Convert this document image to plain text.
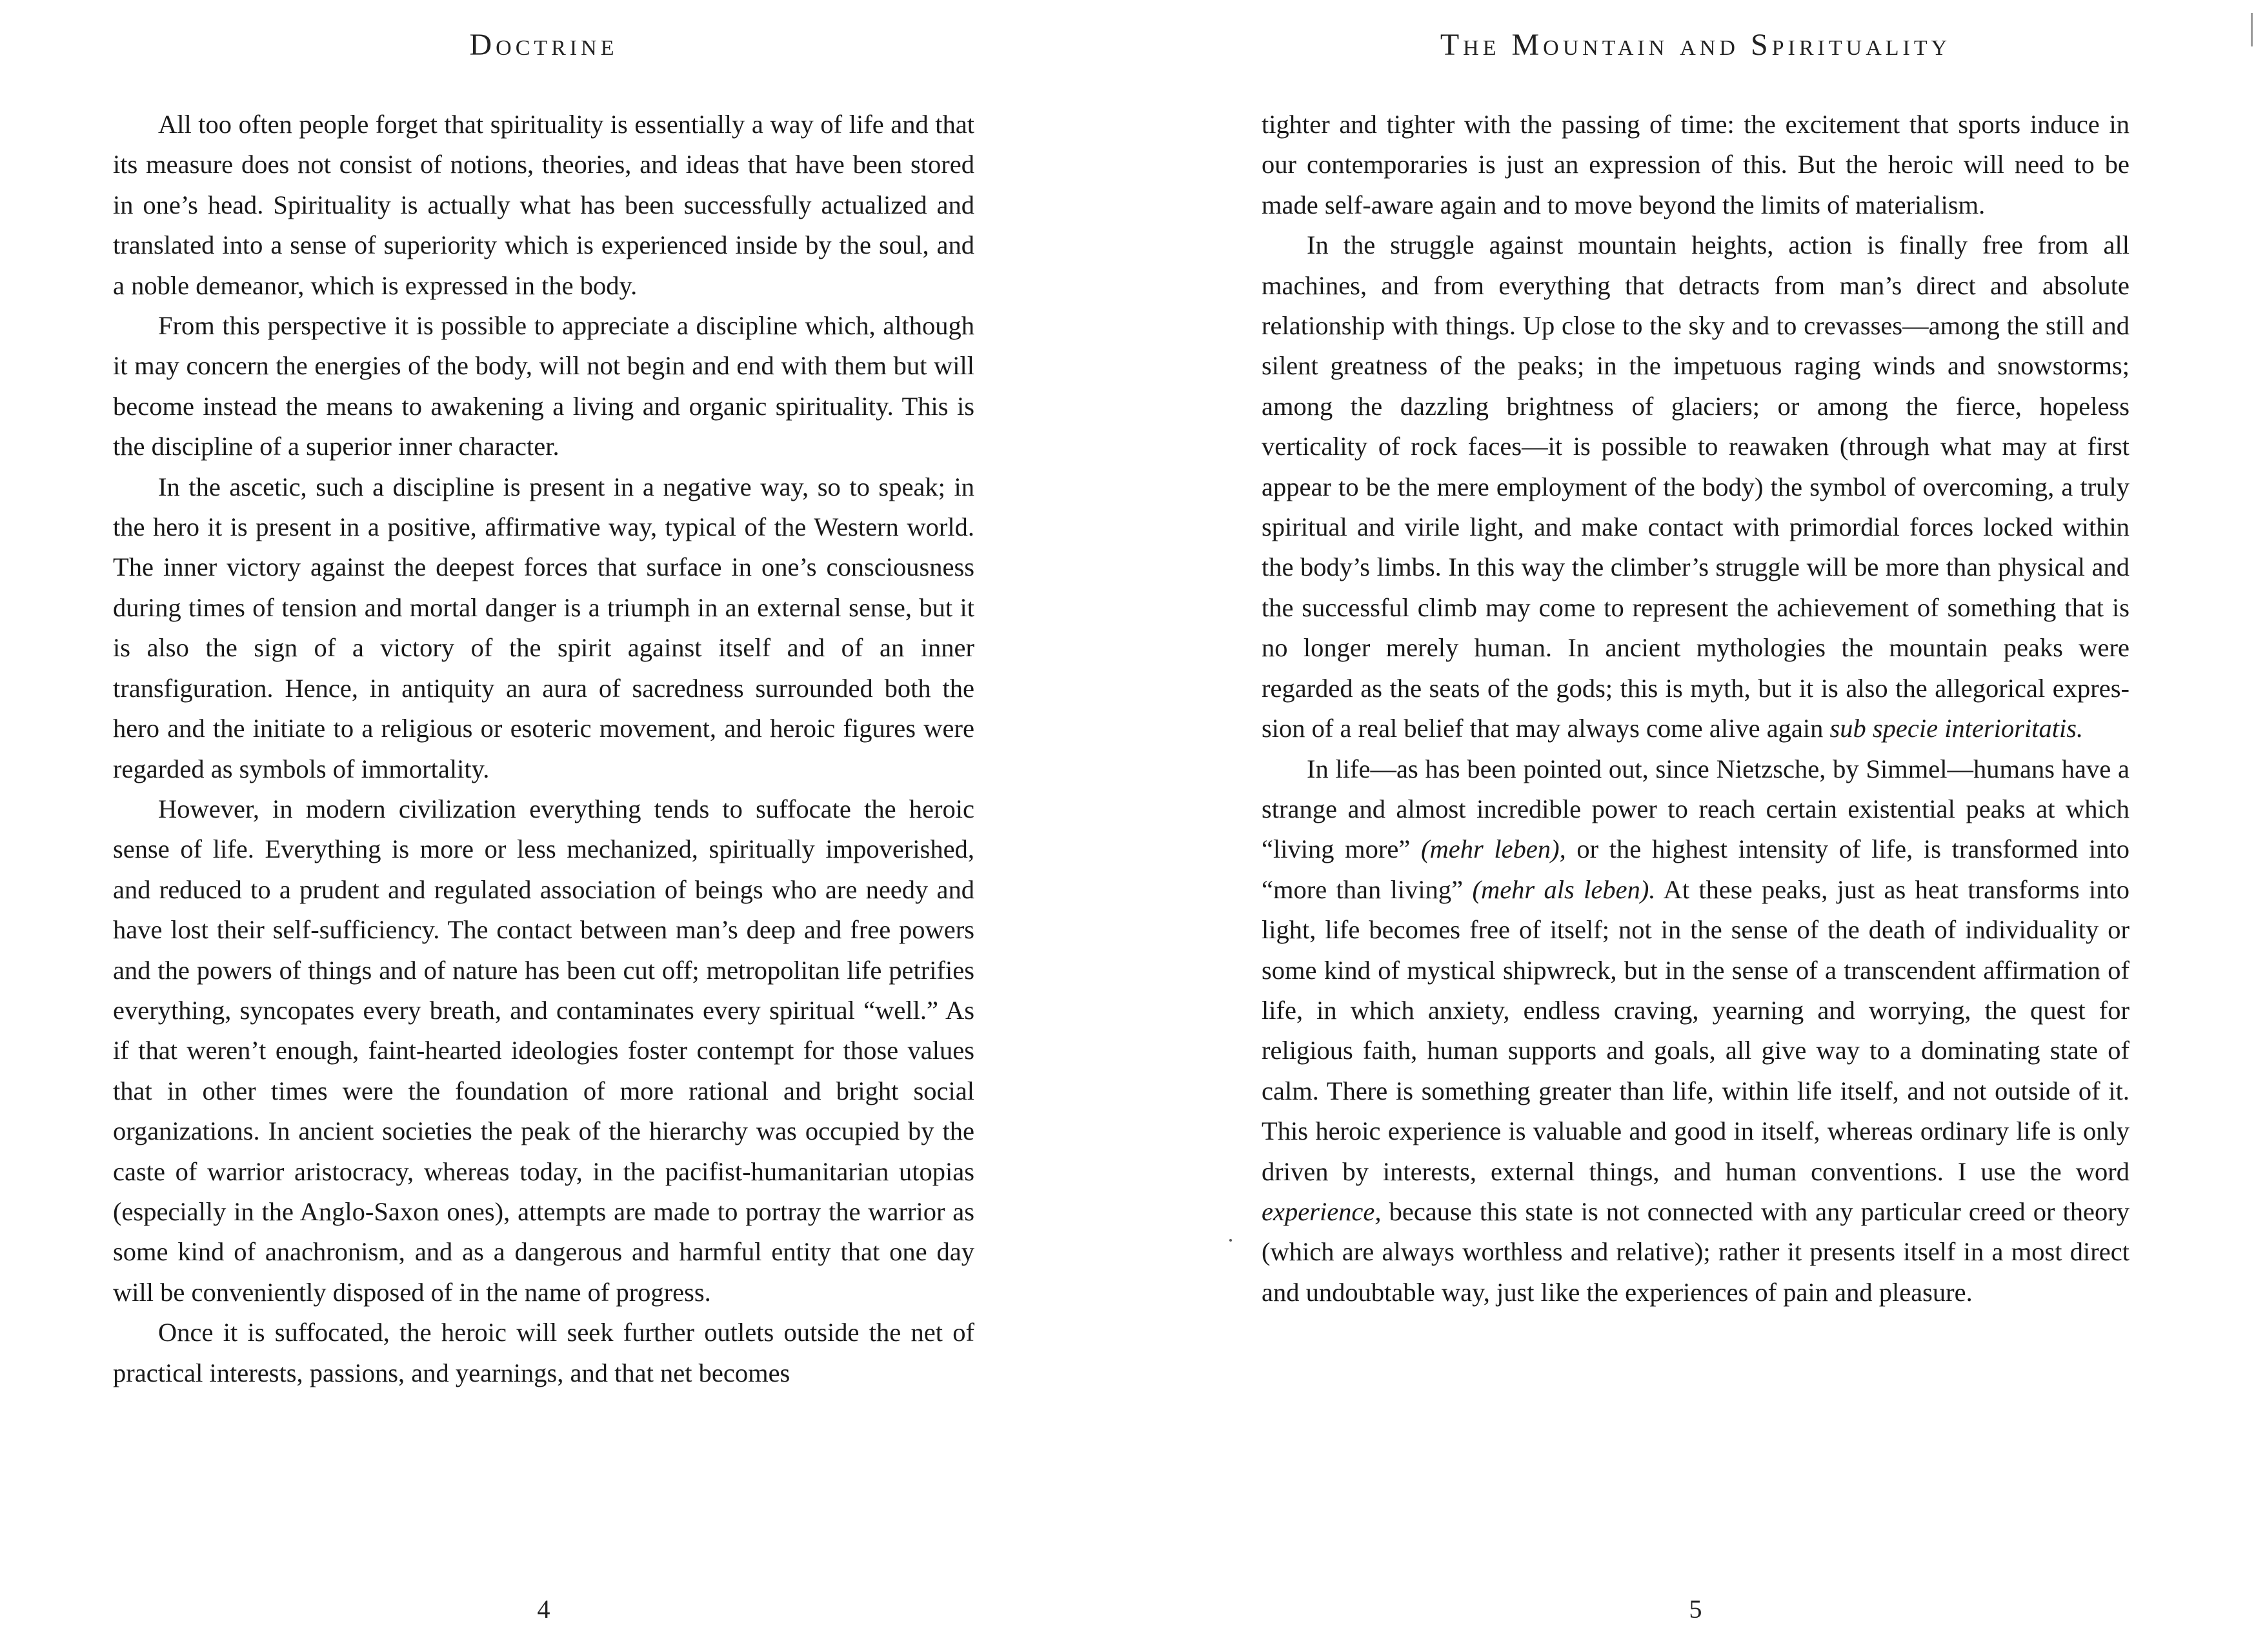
Doctrine

All too often people forget that spirituality is essentially a way of life and that its measure does not consist of notions, theories, and ideas that have been stored in one’s head. Spirituality is actually what has been successfully actualized and translated into a sense of superiority which is experienced inside by the soul, and a noble demeanor, which is expressed in the body.

From this perspective it is possible to appreciate a discipline which, although it may concern the energies of the body, will not begin and end with them but will become instead the means to awakening a living and organic spirituality. This is the discipline of a superior inner character.

In the ascetic, such a discipline is present in a negative way, so to speak; in the hero it is present in a positive, affirmative way, typical of the Western world. The inner victory against the deepest forces that surface in one’s consciousness during times of tension and mortal danger is a triumph in an external sense, but it is also the sign of a victory of the spirit against itself and of an inner transfiguration. Hence, in antiquity an aura of sacredness surrounded both the hero and the initiate to a religious or esoteric movement, and heroic figures were regarded as symbols of immortality.

However, in modern civilization everything tends to suffocate the heroic sense of life. Everything is more or less mechanized, spiritually impoverished, and reduced to a prudent and regulated association of beings who are needy and have lost their self-sufficiency. The contact between man’s deep and free powers and the powers of things and of nature has been cut off; metropolitan life petrifies everything, syncopates every breath, and contaminates every spiritual “well.” As if that weren’t enough, faint-hearted ideologies foster contempt for those values that in other times were the foundation of more rational and bright social organizations. In ancient societies the peak of the hierarchy was occupied by the caste of warrior aristocracy, whereas today, in the pacifist-humanitarian utopias (especially in the Anglo-Saxon ones), attempts are made to portray the warrior as some kind of anachronism, and as a dangerous and harmful entity that one day will be conveniently disposed of in the name of progress.

Once it is suffocated, the heroic will seek further outlets outside the net of practical interests, passions, and yearnings, and that net becomes

4
The Mountain and Spirituality

tighter and tighter with the passing of time: the excitement that sports induce in our contemporaries is just an expression of this. But the heroic will need to be made self-aware again and to move beyond the limits of materialism.

In the struggle against mountain heights, action is finally free from all machines, and from everything that detracts from man’s direct and absolute relationship with things. Up close to the sky and to crevasses—among the still and silent greatness of the peaks; in the impetuous raging winds and snowstorms; among the dazzling brightness of glaciers; or among the fierce, hopeless verticality of rock faces—it is possible to reawaken (through what may at first appear to be the mere employment of the body) the symbol of overcoming, a truly spiritual and virile light, and make contact with primordial forces locked within the body’s limbs. In this way the climber’s struggle will be more than physical and the successful climb may come to represent the achievement of something that is no longer merely human. In ancient mythologies the mountain peaks were regarded as the seats of the gods; this is myth, but it is also the allegorical expression of a real belief that may always come alive again sub specie interioritatis.

In life—as has been pointed out, since Nietzsche, by Simmel—humans have a strange and almost incredible power to reach certain existential peaks at which “living more” (mehr leben), or the highest intensity of life, is transformed into “more than living” (mehr als leben). At these peaks, just as heat transforms into light, life becomes free of itself; not in the sense of the death of individuality or some kind of mystical shipwreck, but in the sense of a transcendent affirmation of life, in which anxiety, endless craving, yearning and worrying, the quest for religious faith, human supports and goals, all give way to a dominating state of calm. There is something greater than life, within life itself, and not outside of it. This heroic experience is valuable and good in itself, whereas ordinary life is only driven by interests, external things, and human conventions. I use the word experience, because this state is not connected with any particular creed or theory (which are always worthless and relative); rather it presents itself in a most direct and undoubtable way, just like the experiences of pain and pleasure.

5
